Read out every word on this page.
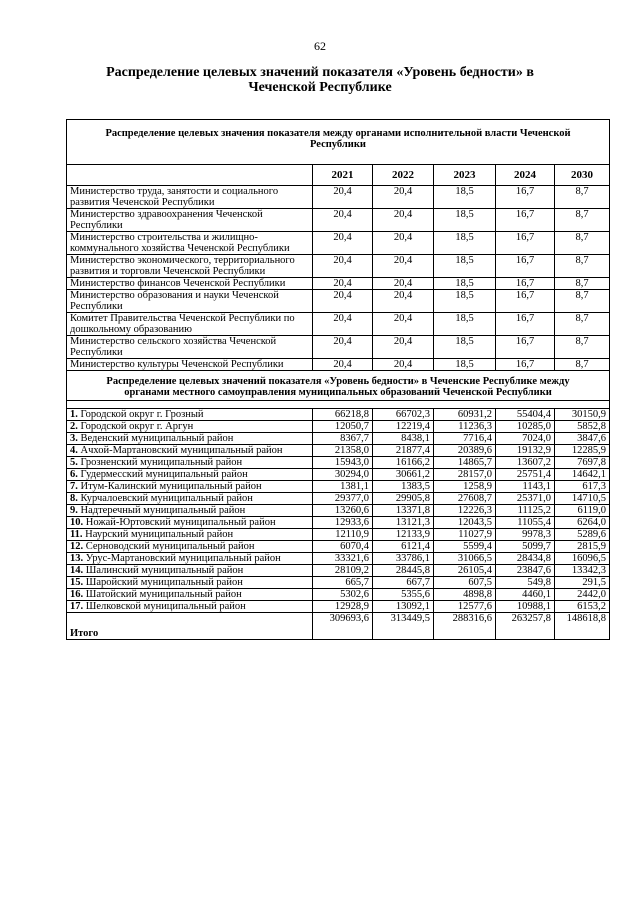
62
Распределение целевых значений показателя «Уровень бедности» в Чеченской Республике
Распределение целевых значения показателя между органами исполнительной власти Чеченской Республики					
	2021	2022	2023	2024	2030
Министерство труда, занятости и социального развития Чеченской Республики	20,4	20,4	18,5	16,7	8,7
Министерство здравоохранения Чеченской Республики	20,4	20,4	18,5	16,7	8,7
Министерство строительства и жилищно-коммунального хозяйства Чеченской Республики	20,4	20,4	18,5	16,7	8,7
Министерство экономического, территориального развития и торговли Чеченской Республики	20,4	20,4	18,5	16,7	8,7
Министерство финансов Чеченской Республики	20,4	20,4	18,5	16,7	8,7
Министерство образования и науки Чеченской Республики	20,4	20,4	18,5	16,7	8,7
Комитет Правительства Чеченской Республики по дошкольному образованию	20,4	20,4	18,5	16,7	8,7
Министерство сельского хозяйства Чеченской Республики	20,4	20,4	18,5	16,7	8,7
Министерство культуры Чеченской Республики	20,4	20,4	18,5	16,7	8,7
Распределение целевых значений показателя «Уровень бедности» в Чеченские Республике между органами местного самоуправления муниципальных образований Чеченской Республики					

1. Городской округ г. Грозный	66218,8	66702,3	60931,2	55404,4	30150,9
2. Городской округ г. Аргун	12050,7	12219,4	11236,3	10285,0	5852,8
3. Веденский муниципальный район	8367,7	8438,1	7716,4	7024,0	3847,6
4. Ачхой-Мартановский муниципальный район	21358,0	21877,4	20389,6	19132,9	12285,9
5. Грозненский муниципальный район	15943,0	16166,2	14865,7	13607,2	7697,8
6. Гудермесский муниципальный район	30294,0	30661,2	28157,0	25751,4	14642,1
7. Итум-Калинский муниципальный район	1381,1	1383,5	1258,9	1143,1	617,3
8. Курчалоевский муниципальный район	29377,0	29905,8	27608,7	25371,0	14710,5
9. Надтеречный муниципальный район	13260,6	13371,8	12226,3	11125,2	6119,0
10. Ножай-Юртовский муниципальный район	12933,6	13121,3	12043,5	11055,4	6264,0
11. Наурский муниципальный район	12110,9	12133,9	11027,9	9978,3	5289,6
12. Серноводский муниципальный район	6070,4	6121,4	5599,4	5099,7	2815,9
13. Урус-Мартановский муниципальный район	33321,6	33786,1	31066,5	28434,8	16096,5
14. Шалинский муниципальный район	28109,2	28445,8	26105,4	23847,6	13342,3
15. Шаройский муниципальный район	665,7	667,7	607,5	549,8	291,5
16. Шатойский муниципальный район	5302,6	5355,6	4898,8	4460,1	2442,0
17. Шелковской муниципальный район	12928,9	13092,1	12577,6	10988,1	6153,2
Итого	309693,6	313449,5	288316,6	263257,8	148618,8
